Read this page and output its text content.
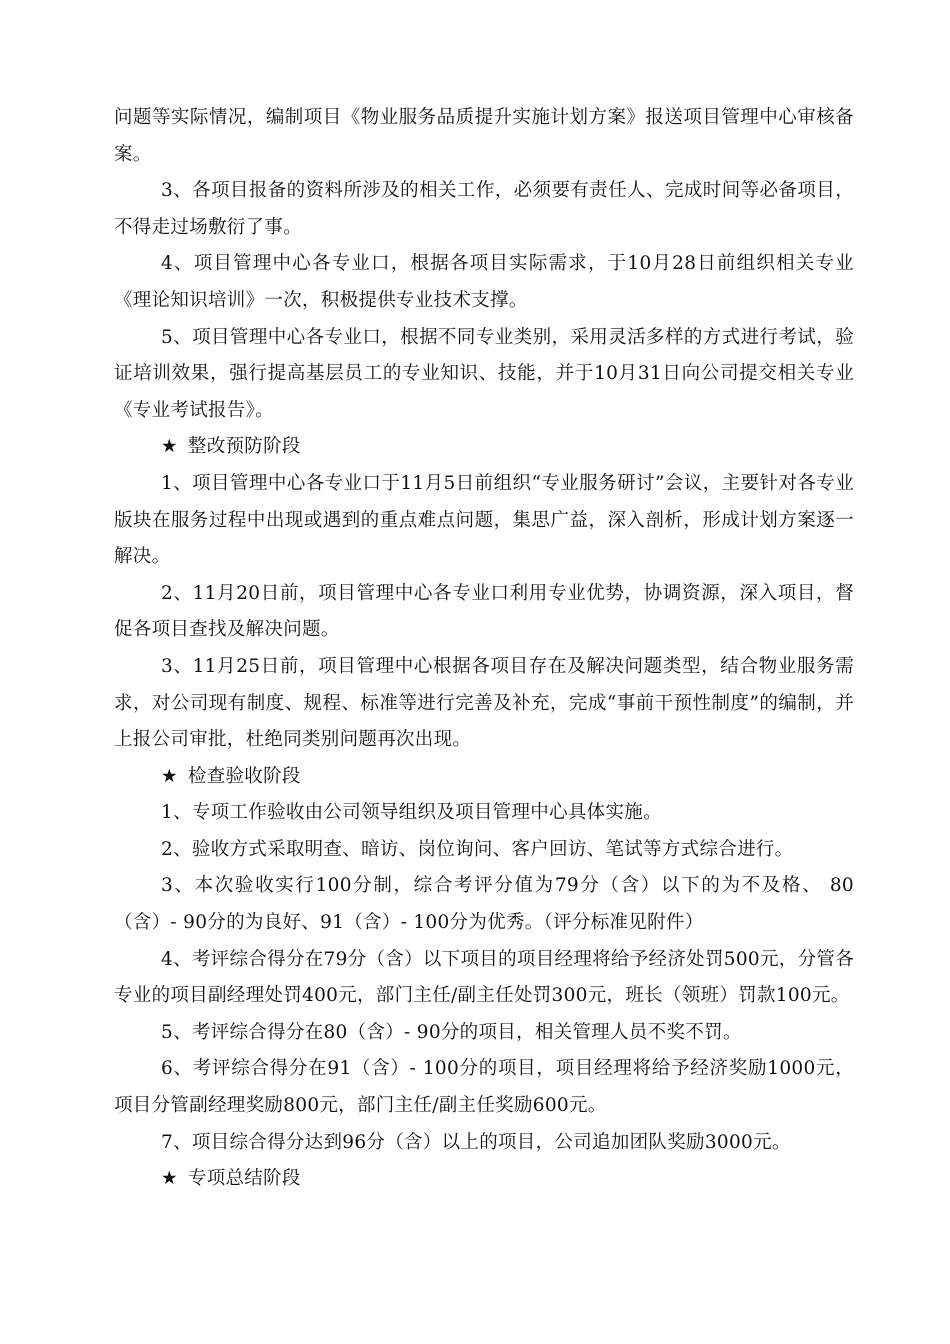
问题等实际情况，编制项目《物业服务品质提升实施计划方案》报送项目管理中心审核备案。

3、各项目报备的资料所涉及的相关工作，必须要有责任人、完成时间等必备项目，不得走过场敷衍了事。

4、项目管理中心各专业口，根据各项目实际需求，于10月28日前组织相关专业《理论知识培训》一次，积极提供专业技术支撑。

5、项目管理中心各专业口，根据不同专业类别，采用灵活多样的方式进行考试，验证培训效果，强行提高基层员工的专业知识、技能，并于10月31日向公司提交相关专业《专业考试报告》。

★ 整改预防阶段

1、项目管理中心各专业口于11月5日前组织“专业服务研讨”会议，主要针对各专业版块在服务过程中出现或遇到的重点难点问题，集思广益，深入剖析，形成计划方案逐一解决。

2、11月20日前，项目管理中心各专业口利用专业优势，协调资源，深入项目，督促各项目查找及解决问题。

3、11月25日前，项目管理中心根据各项目存在及解决问题类型，结合物业服务需求，对公司现有制度、规程、标准等进行完善及补充，完成“事前干预性制度”的编制，并上报公司审批，杜绝同类别问题再次出现。

★ 检查验收阶段

1、专项工作验收由公司领导组织及项目管理中心具体实施。

2、验收方式采取明查、暗访、岗位询问、客户回访、笔试等方式综合进行。

3、本次验收实行100分制，综合考评分值为79分（含）以下的为不及格、 80（含）- 90分的为良好、91（含）- 100分为优秀。（评分标准见附件）

4、考评综合得分在79分（含）以下项目的项目经理将给予经济处罚500元，分管各专业的项目副经理处罚400元，部门主任/副主任处罚300元，班长（领班）罚款100元。

5、考评综合得分在80（含）- 90分的项目，相关管理人员不奖不罚。

6、考评综合得分在91（含）- 100分的项目，项目经理将给予经济奖励1000元，项目分管副经理奖励800元，部门主任/副主任奖励600元。

7、项目综合得分达到96分（含）以上的项目，公司追加团队奖励3000元。

★ 专项总结阶段
